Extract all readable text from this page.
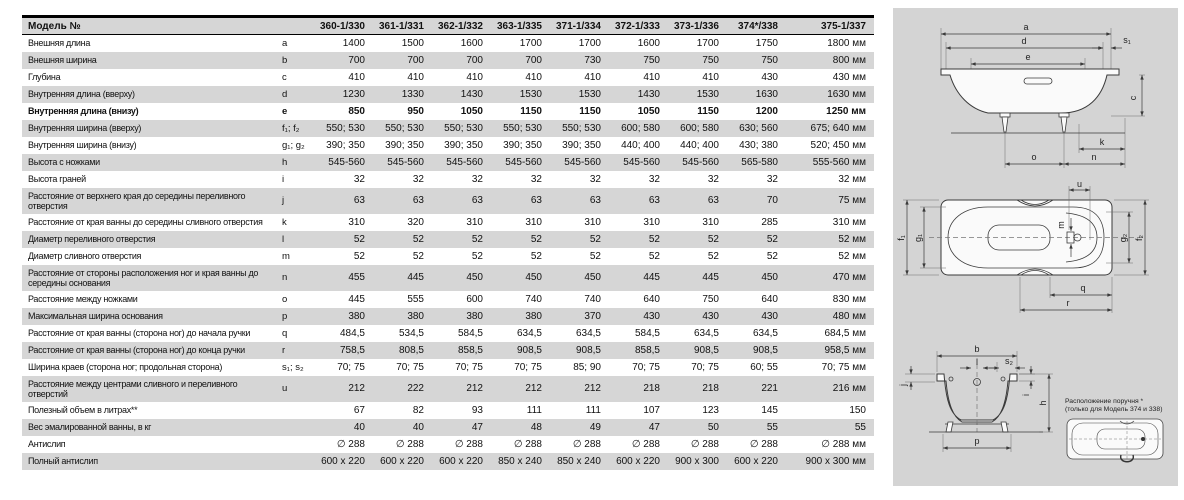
Модель №		360-1/330	361-1/331	362-1/332	363-1/335	371-1/334	372-1/333	373-1/336	374*/338	375-1/337
Внешняя длина	a	1400	1500	1600	1700	1700	1600	1700	1750	1800 мм
Внешняя ширина	b	700	700	700	700	730	750	750	750	800 мм
Глубина	c	410	410	410	410	410	410	410	430	430 мм
Внутренняя длина (вверху)	d	1230	1330	1430	1530	1530	1430	1530	1630	1630 мм
Внутренняя длина (внизу)	e	850	950	1050	1150	1150	1050	1150	1200	1250 мм
Внутренняя ширина (вверху)	f₁; f₂	550; 530	550; 530	550; 530	550; 530	550; 530	600; 580	600; 580	630; 560	675; 640 мм
Внутренняя ширина (внизу)	g₁; g₂	390; 350	390; 350	390; 350	390; 350	390; 350	440; 400	440; 400	430; 380	520; 450 мм
Высота с ножками	h	545-560	545-560	545-560	545-560	545-560	545-560	545-560	565-580	555-560 мм
Высота граней	i	32	32	32	32	32	32	32	32	32 мм
Расстояние от верхнего края до середины переливного отверстия	j	63	63	63	63	63	63	63	70	75 мм
Расстояние от края ванны до середины сливного отверстия	k	310	320	310	310	310	310	310	285	310 мм
Диаметр переливного отверстия	l	52	52	52	52	52	52	52	52	52 мм
Диаметр сливного отверстия	m	52	52	52	52	52	52	52	52	52 мм
Расстояние от стороны расположения ног и края ванны до середины основания	n	455	445	450	450	450	445	445	450	470 мм
Расстояние между ножками	o	445	555	600	740	740	640	750	640	830 мм
Максимальная ширина основания	p	380	380	380	380	370	430	430	430	480 мм
Расстояние от края ванны (сторона ног) до начала ручки	q	484,5	534,5	584,5	634,5	634,5	584,5	634,5	634,5	684,5 мм
Расстояние от края ванны (сторона ног) до конца ручки	r	758,5	808,5	858,5	908,5	908,5	858,5	908,5	908,5	958,5 мм
Ширина краев (сторона ног; продольная сторона)	s₁; s₂	70; 75	70; 75	70; 75	70; 75	85; 90	70; 75	70; 75	60; 55	70; 75 мм
Расстояние между центрами сливного и переливного отверстий	u	212	222	212	212	212	218	218	221	216 мм
Полезный объем в литрах**		67	82	93	111	111	107	123	145	150
Вес эмалированной ванны, в кг		40	40	47	48	49	47	50	55	55
Антислип		∅ 288	∅ 288	∅ 288	∅ 288	∅ 288	∅ 288	∅ 288	∅ 288	∅ 288 мм
Полный антислип		600 x 220	600 x 220	600 x 220	850 x 240	850 x 240	600 x 220	900 x 300	600 x 220	900 x 300 мм
a
d	s₁
e
c
k
o	n
u
m
f₁ g₁	g₂ f₂
q
r
b
l	s₂
j
i
h
p
Расположение поручня *
(только для Модель 374 и 338)
